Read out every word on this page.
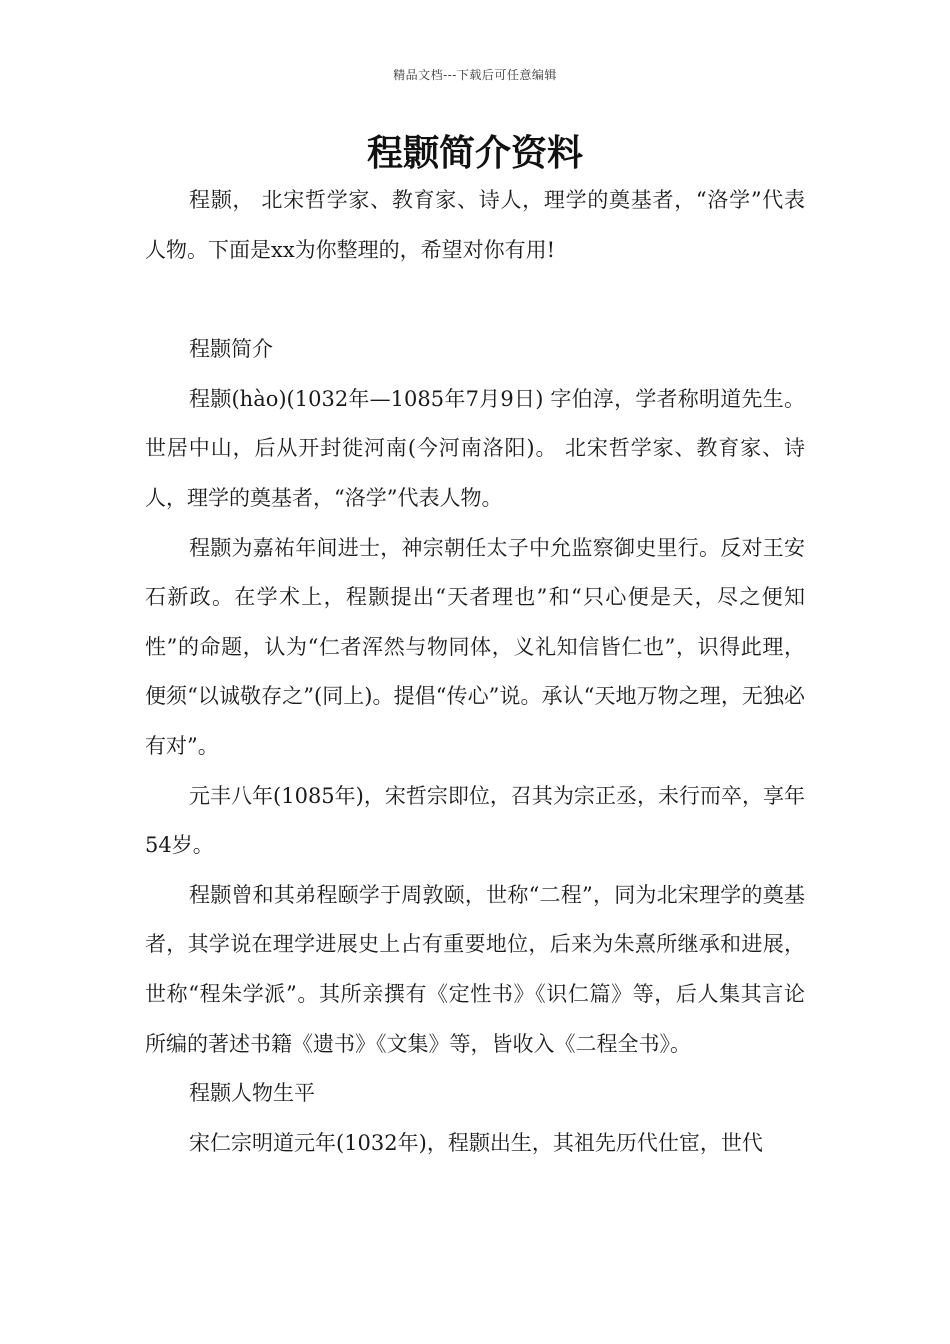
精品文档---下载后可任意编辑
程颢简介资料

程颢， 北宋哲学家、教育家、诗人，理学的奠基者，“洛学”代表人物。下面是xx为你整理的，希望对你有用!

程颢简介

程颢(hào)(1032年—1085年7月9日) 字伯淳，学者称明道先生。世居中山，后从开封徙河南(今河南洛阳)。 北宋哲学家、教育家、诗人，理学的奠基者，“洛学”代表人物。

程颢为嘉祐年间进士，神宗朝任太子中允监察御史里行。反对王安石新政。在学术上，程颢提出“天者理也”和“只心便是天，尽之便知性”的命题，认为“仁者浑然与物同体，义礼知信皆仁也”，识得此理，便须“以诚敬存之”(同上)。提倡“传心”说。承认“天地万物之理，无独必有对”。

元丰八年(1085年)，宋哲宗即位，召其为宗正丞，未行而卒，享年54岁。

程颢曾和其弟程颐学于周敦颐，世称“二程”，同为北宋理学的奠基者，其学说在理学进展史上占有重要地位，后来为朱熹所继承和进展，世称“程朱学派”。其所亲撰有《定性书》《识仁篇》等，后人集其言论所编的著述书籍《遗书》《文集》等，皆收入《二程全书》。

程颢人物生平

宋仁宗明道元年(1032年)，程颢出生，其祖先历代仕宦，世代
